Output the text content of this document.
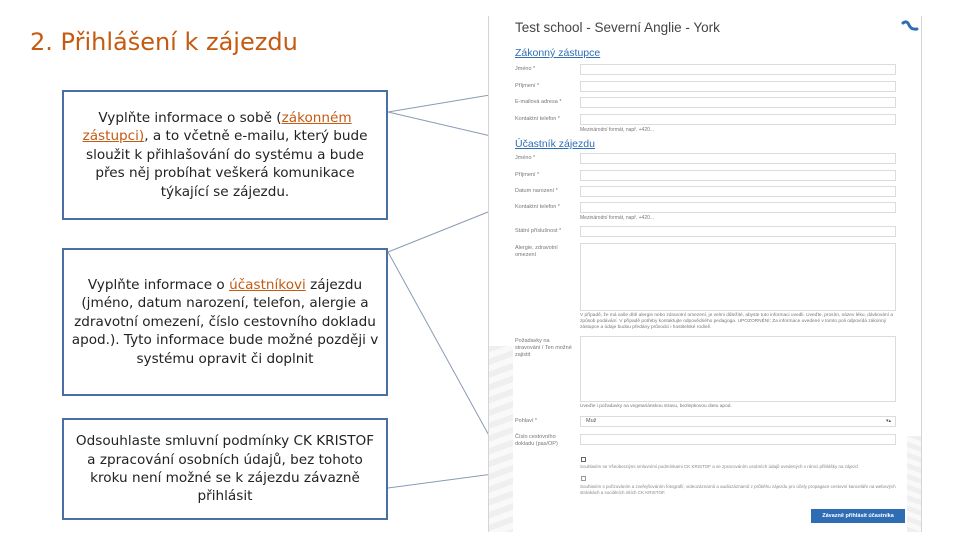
2. Přihlášení k zájezdu
Vyplňte informace o sobě (zákonném zástupci), a to včetně e-mailu, který bude sloužit k přihlašování do systému a bude přes něj probíhat veškerá komunikace týkající se zájezdu.
Vyplňte informace o účastníkovi zájezdu (jméno, datum narození, telefon, alergie a zdravotní omezení, číslo cestovního dokladu apod.). Tyto informace bude možné později v systému opravit či doplnit
Odsouhlaste smluvní podmínky CK KRISTOF a zpracování osobních údajů, bez tohoto kroku není možné se k zájezdu závazně přihlásit
Test school - Severní Anglie - York
Zákonný zástupce
Jméno *
Příjmení *
E-mailová adresa *
Kontaktní telefon *
Mezinárodní formát, např. +420...
Účastník zájezdu
Jméno *
Příjmení *
Datum narození *
Kontaktní telefon *
Mezinárodní formát, např. +420...
Státní příslušnost *
Alergie, zdravotní omezení
V případě, že má vaše dítě alergie nebo zdravotní omezení, je velmi důležité, abyste tuto informaci uvedli. Uveďte, prosím, název léku, dávkování a způsob podávání. V případě potřeby kontaktujte odpovědného pedagoga. UPOZORNĚNÍ: Za informace uvedené v tomto poli odpovídá zákonný zástupce a údaje budou předány průvodci i hostitelské rodině.
Požadavky na stravování / Ten možné zajistit
Uveďte i požadavky na vegetariánskou stravu, bezlepkovou dietu apod.
Pohlaví *	Muž	▾▴
Číslo cestovního dokladu (pas/OP)
Souhlasím se Všeobecnými smluvními podmínkami CK KRISTOF a se zpracováním osobních údajů uvedených v rámci přihlášky na zájezd
Souhlasím s pořizováním a zveřejňováním fotografií, videozáznamů a audiozáznamů z průběhu zájezdu pro účely propagace cestovní kanceláře na webových stránkách a sociálních sítích CK KRISTOF.
Závazně přihlásit účastníka
